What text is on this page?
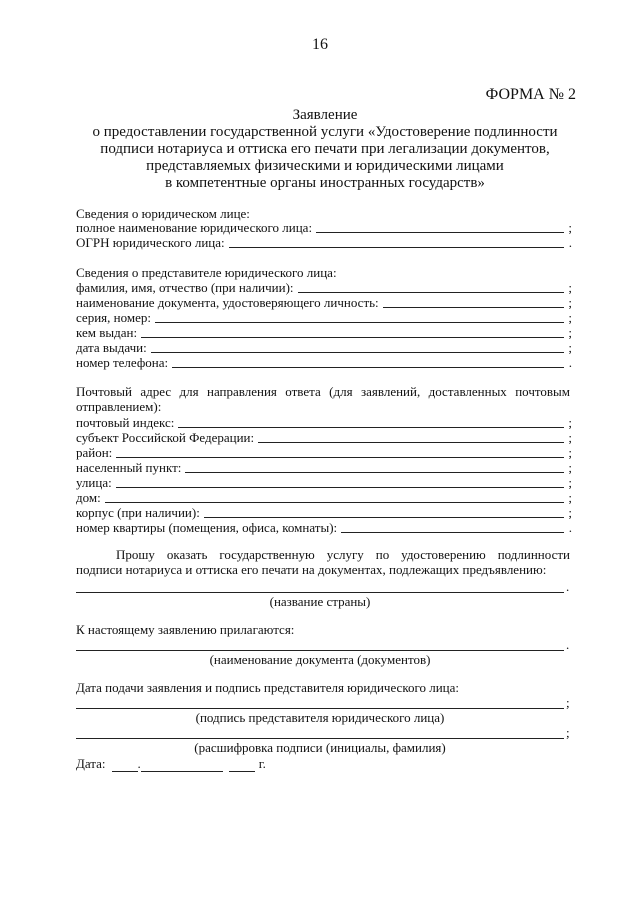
16
ФОРМА № 2
Заявление
о предоставлении государственной услуги «Удостоверение подлинности
подписи нотариуса и оттиска его печати при легализации документов,
представляемых физическими и юридическими лицами
в компетентные органы иностранных государств»
Сведения о юридическом лице:
полное наименование юридического лица:	;
ОГРН юридического лица:	.
Сведения о представителе юридического лица:
фамилия, имя, отчество (при наличии):	;
наименование документа, удостоверяющего личность:	;
серия, номер:	;
кем выдан:	;
дата выдачи:	;
номер телефона:	.
Почтовый адрес для направления ответа (для заявлений, доставленных почтовым отправлением):
почтовый индекс:	;
субъект Российской Федерации:	;
район:	;
населенный пункт:	;
улица:	;
дом:	;
корпус (при наличии):	;
номер квартиры (помещения, офиса, комнаты):	.
Прошу оказать государственную услугу по удостоверению подлинности
подписи нотариуса и оттиска его печати на документах, подлежащих предъявлению:
.
(название страны)
К настоящему заявлению прилагаются:
.
(наименование документа (документов)
Дата подачи заявления и подпись представителя юридического лица:
;
(подпись представителя юридического лица)
;
(расшифровка подписи (инициалы, фамилия)
Дата: .	г.
